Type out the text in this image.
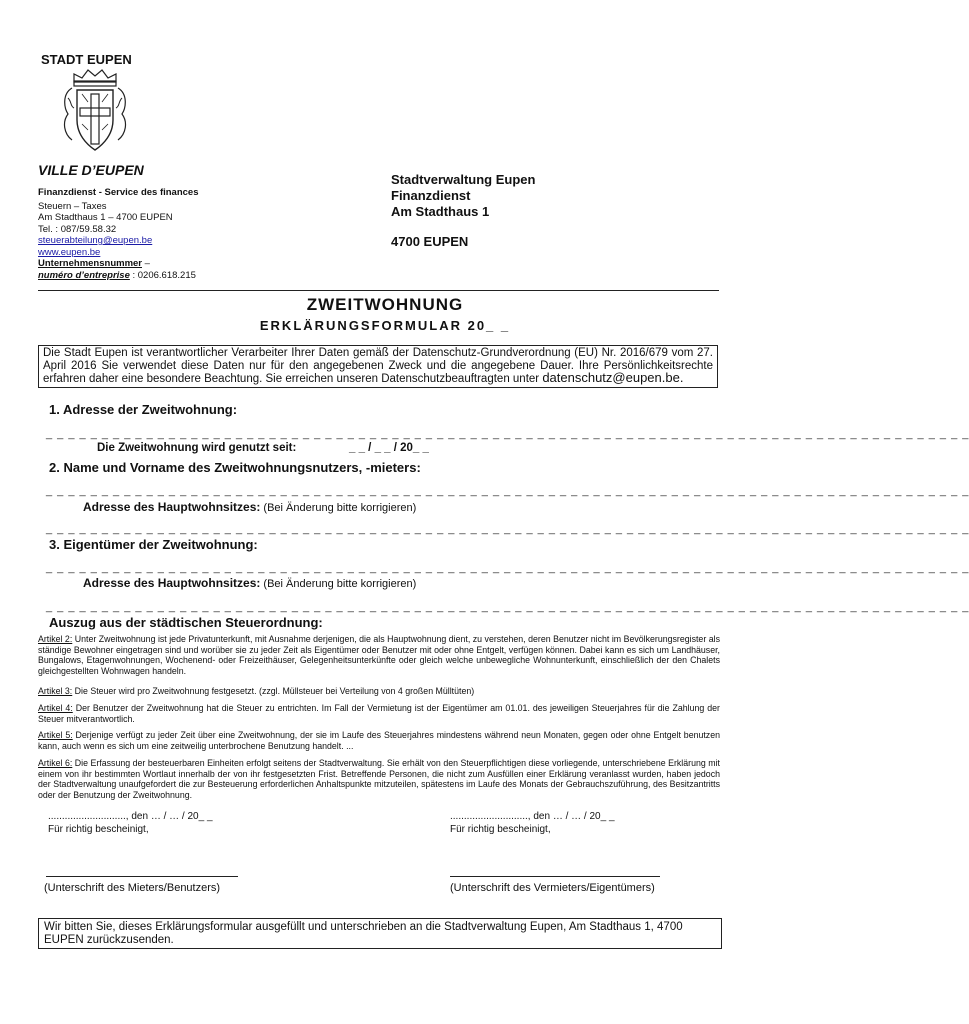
STADT EUPEN
VILLE D’EUPEN
Finanzdienst - Service des finances
Steuern – Taxes
Am Stadthaus 1 – 4700 EUPEN
Tel. : 087/59.58.32
steuerabteilung@eupen.be
www.eupen.be
Unternehmensnummer –
numéro d’entreprise : 0206.618.215
Stadtverwaltung Eupen
Finanzdienst
Am Stadthaus 1
4700 EUPEN
ZWEITWOHNUNG
ERKLÄRUNGSFORMULAR 20_ _
Die Stadt Eupen ist verantwortlicher Verarbeiter Ihrer Daten gemäß der Datenschutz-Grundverordnung (EU) Nr. 2016/679 vom 27. April 2016 Sie verwendet diese Daten nur für den angegebenen Zweck und die angegebene Dauer. Ihre Persönlichkeitsrechte erfahren daher eine besondere Beachtung. Sie erreichen unseren Datenschutzbeauftragten unter datenschutz@eupen.be.
1. Adresse der Zweitwohnung:
_ _ _ _ _ _ _ _ _ _ _ _ _ _ _ _ _ _ _ _ _ _ _ _ _ _ _ _ _ _ _ _ _ _ _ _ _ _ _ _ _ _ _ _ _ _ _ _ _ _ _ _ _ _ _ _ _ _ _ _ _ _ _ _ _ _ _ _ _ _ _ _ _ _ _ _ _ _ _ _ _ _ _
Die Zweitwohnung wird genutzt seit:	_ _ / _ _ / 20_ _
2. Name und Vorname des Zweitwohnungsnutzers, -mieters:
_ _ _ _ _ _ _ _ _ _ _ _ _ _ _ _ _ _ _ _ _ _ _ _ _ _ _ _ _ _ _ _ _ _ _ _ _ _ _ _ _ _ _ _ _ _ _ _ _ _ _ _ _ _ _ _ _ _ _ _ _ _ _ _ _ _ _ _ _ _ _ _ _ _ _ _ _ _ _ _ _ _ _
Adresse des Hauptwohnsitzes: (Bei Änderung bitte korrigieren)
_ _ _ _ _ _ _ _ _ _ _ _ _ _ _ _ _ _ _ _ _ _ _ _ _ _ _ _ _ _ _ _ _ _ _ _ _ _ _ _ _ _ _ _ _ _ _ _ _ _ _ _ _ _ _ _ _ _ _ _ _ _ _ _ _ _ _ _ _ _ _ _ _ _ _ _ _ _ _ _ _ _ _
3. Eigentümer der Zweitwohnung:
_ _ _ _ _ _ _ _ _ _ _ _ _ _ _ _ _ _ _ _ _ _ _ _ _ _ _ _ _ _ _ _ _ _ _ _ _ _ _ _ _ _ _ _ _ _ _ _ _ _ _ _ _ _ _ _ _ _ _ _ _ _ _ _ _ _ _ _ _ _ _ _ _ _ _ _ _ _ _ _ _ _ _
Adresse des Hauptwohnsitzes: (Bei Änderung bitte korrigieren)
_ _ _ _ _ _ _ _ _ _ _ _ _ _ _ _ _ _ _ _ _ _ _ _ _ _ _ _ _ _ _ _ _ _ _ _ _ _ _ _ _ _ _ _ _ _ _ _ _ _ _ _ _ _ _ _ _ _ _ _ _ _ _ _ _ _ _ _ _ _ _ _ _ _ _ _ _ _ _ _ _ _ _
Auszug aus der städtischen Steuerordnung:
Artikel 2: Unter Zweitwohnung ist jede Privatunterkunft, mit Ausnahme derjenigen, die als Hauptwohnung dient, zu verstehen, deren Benutzer nicht im Bevölkerungsregister als ständige Bewohner eingetragen sind und worüber sie zu jeder Zeit als Eigentümer oder Benutzer mit oder ohne Entgelt, verfügen können. Dabei kann es sich um Landhäuser, Bungalows, Etagenwohnungen, Wochenend- oder Freizeithäuser, Gelegenheitsunterkünfte oder gleich welche unbewegliche Wohnunterkunft, einschließlich der den Chalets gleichgestellten Wohnwagen handeln.
Artikel 3: Die Steuer wird pro Zweitwohnung festgesetzt. (zzgl. Müllsteuer bei Verteilung von 4 großen Mülltüten)
Artikel 4: Der Benutzer der Zweitwohnung hat die Steuer zu entrichten. Im Fall der Vermietung ist der Eigentümer am 01.01. des jeweiligen Steuerjahres für die Zahlung der Steuer mitverantwortlich.
Artikel 5: Derjenige verfügt zu jeder Zeit über eine Zweitwohnung, der sie im Laufe des Steuerjahres mindestens während neun Monaten, gegen oder ohne Entgelt benutzen kann, auch wenn es sich um eine zeitweilig unterbrochene Benutzung handelt. ...
Artikel 6: Die Erfassung der besteuerbaren Einheiten erfolgt seitens der Stadtverwaltung. Sie erhält von den Steuerpflichtigen diese vorliegende, unterschriebene Erklärung mit einem von ihr bestimmten Wortlaut innerhalb der von ihr festgesetzten Frist. Betreffende Personen, die nicht zum Ausfüllen einer Erklärung veranlasst wurden, haben jedoch der Stadtverwaltung unaufgefordert die zur Besteuerung erforderlichen Anhaltspunkte mitzuteilen, spätestens im Laufe des Monats der Gebrauchszuführung, des Besitzantritts oder der Benutzung der Zweitwohnung.
............................, den … / … / 20_ _
Für richtig bescheinigt,
............................, den … / … / 20_ _
Für richtig bescheinigt,
(Unterschrift des Mieters/Benutzers)	(Unterschrift des Vermieters/Eigentümers)
Wir bitten Sie, dieses Erklärungsformular ausgefüllt und unterschrieben an die Stadtverwaltung Eupen, Am Stadthaus 1, 4700 EUPEN zurückzusenden.
